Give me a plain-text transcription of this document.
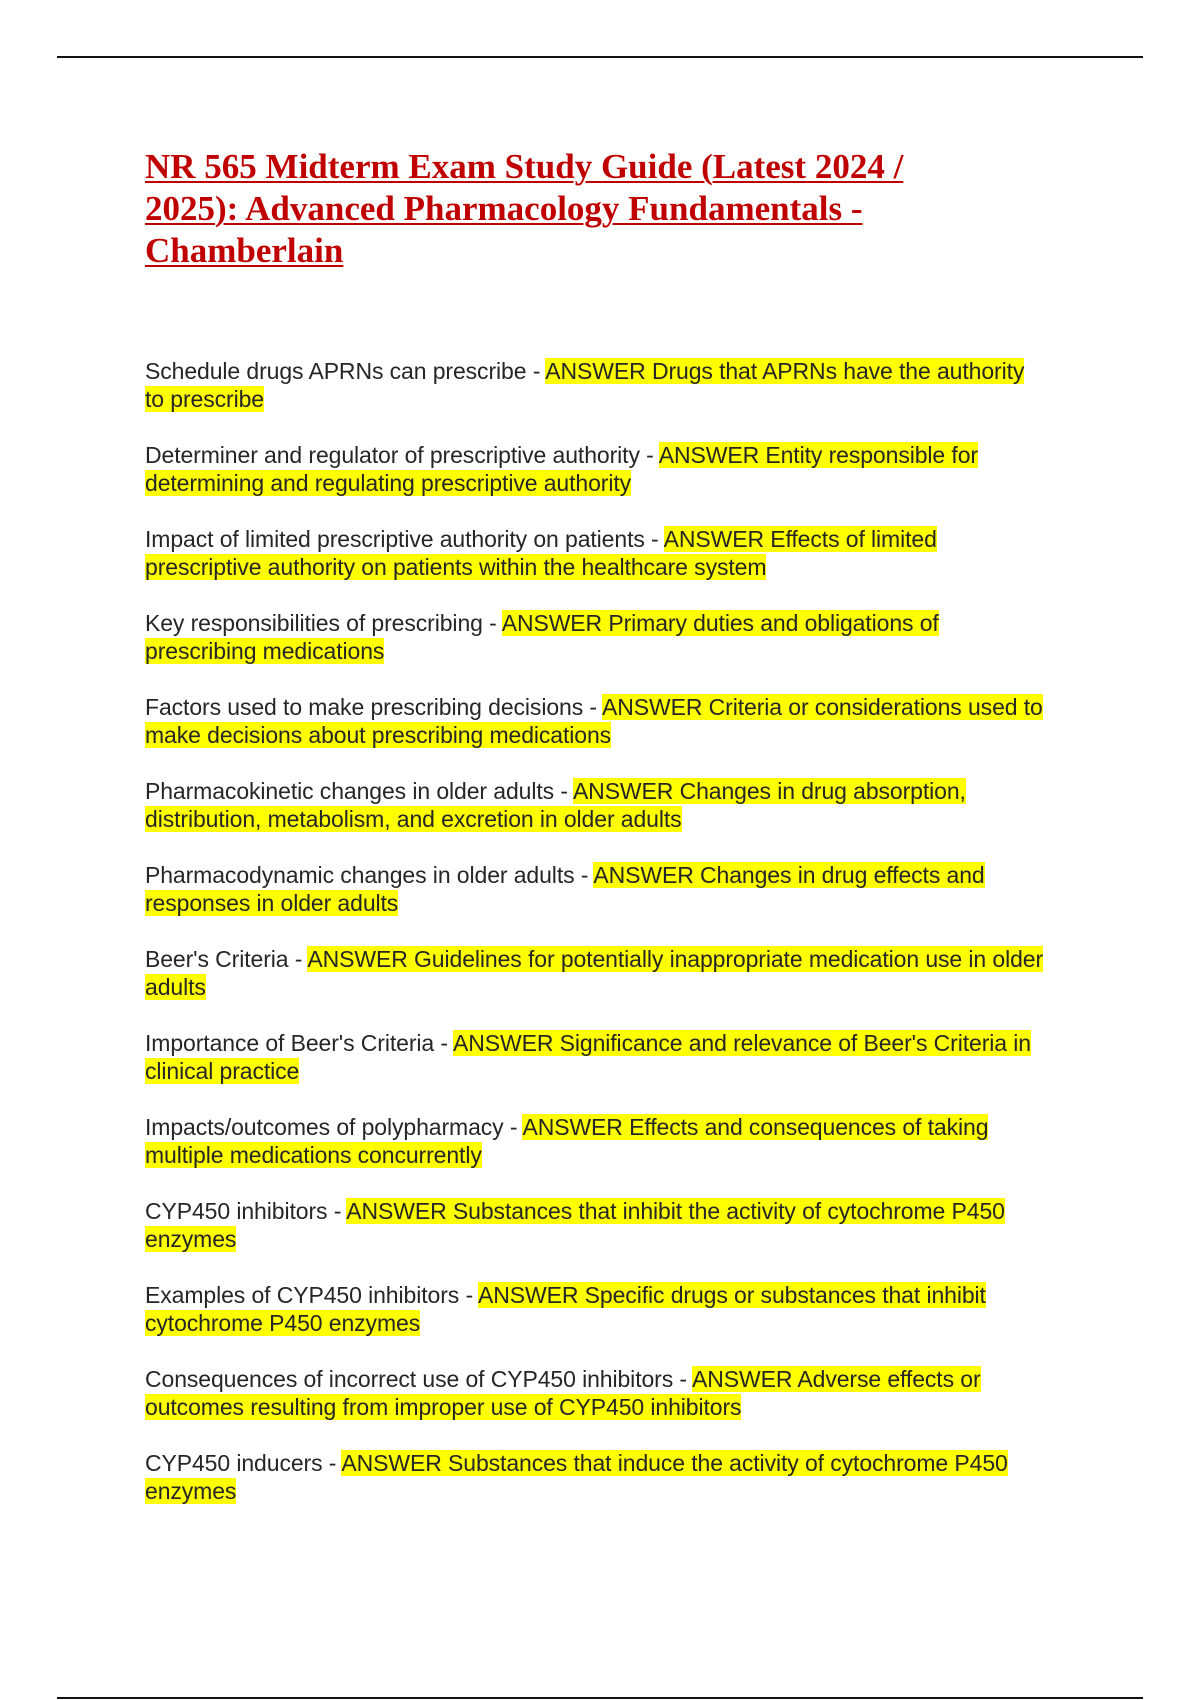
NR 565 Midterm Exam Study Guide (Latest 2024 / 2025): Advanced Pharmacology Fundamentals - Chamberlain
Schedule drugs APRNs can prescribe - ANSWER Drugs that APRNs have the authority to prescribe
Determiner and regulator of prescriptive authority - ANSWER Entity responsible for determining and regulating prescriptive authority
Impact of limited prescriptive authority on patients - ANSWER Effects of limited prescriptive authority on patients within the healthcare system
Key responsibilities of prescribing - ANSWER Primary duties and obligations of prescribing medications
Factors used to make prescribing decisions - ANSWER Criteria or considerations used to make decisions about prescribing medications
Pharmacokinetic changes in older adults - ANSWER Changes in drug absorption, distribution, metabolism, and excretion in older adults
Pharmacodynamic changes in older adults - ANSWER Changes in drug effects and responses in older adults
Beer's Criteria - ANSWER Guidelines for potentially inappropriate medication use in older adults
Importance of Beer's Criteria - ANSWER Significance and relevance of Beer's Criteria in clinical practice
Impacts/outcomes of polypharmacy - ANSWER Effects and consequences of taking multiple medications concurrently
CYP450 inhibitors - ANSWER Substances that inhibit the activity of cytochrome P450 enzymes
Examples of CYP450 inhibitors - ANSWER Specific drugs or substances that inhibit cytochrome P450 enzymes
Consequences of incorrect use of CYP450 inhibitors - ANSWER Adverse effects or outcomes resulting from improper use of CYP450 inhibitors
CYP450 inducers - ANSWER Substances that induce the activity of cytochrome P450 enzymes
